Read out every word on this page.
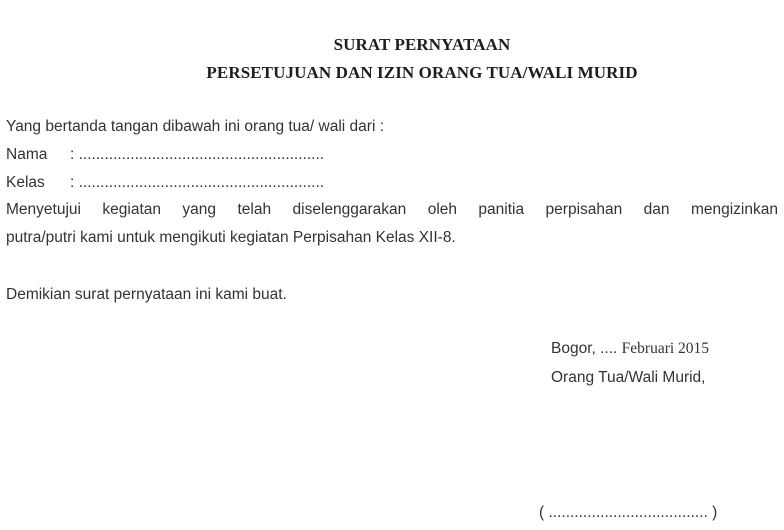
SURAT PERNYATAAN
PERSETUJUAN DAN IZIN ORANG TUA/WALI MURID
Yang bertanda tangan dibawah ini orang tua/ wali dari :
Nama : .........................................................
Kelas : .........................................................
Menyetujui kegiatan yang telah diselenggarakan oleh panitia perpisahan dan mengizinkan
putra/putri kami untuk mengikuti kegiatan Perpisahan Kelas XII-8.
Demikian surat pernyataan ini kami buat.
Bogor, .... Februari 2015
Orang Tua/Wali Murid,
( ..................................... )
